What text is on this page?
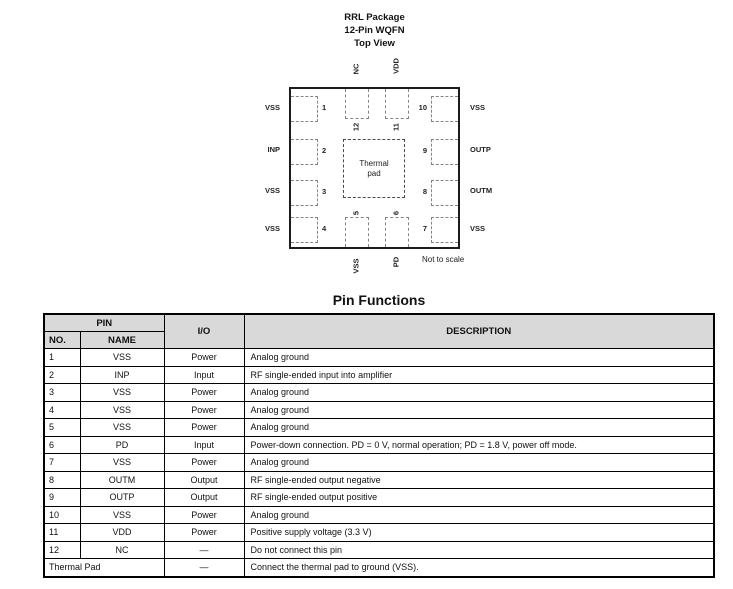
RRL Package
12-Pin WQFN
Top View
NC	VDD
1
2
3
4
10
9
8
7
12	11
5	6
Thermal pad
VSS
INP
VSS
VSS
VSS
OUTP
OUTM
VSS
VSS	PD	Not to scale
Pin Functions
PIN		I/O	DESCRIPTION
NO.	NAME		
1	VSS	Power	Analog ground
2	INP	Input	RF single-ended input into amplifier
3	VSS	Power	Analog ground
4	VSS	Power	Analog ground
5	VSS	Power	Analog ground
6	PD	Input	Power-down connection. PD = 0 V, normal operation; PD = 1.8 V, power off mode.
7	VSS	Power	Analog ground
8	OUTM	Output	RF single-ended output negative
9	OUTP	Output	RF single-ended output positive
10	VSS	Power	Analog ground
11	VDD	Power	Positive supply voltage (3.3 V)
12	NC	—	Do not connect this pin
Thermal Pad		—	Connect the thermal pad to ground (VSS).
